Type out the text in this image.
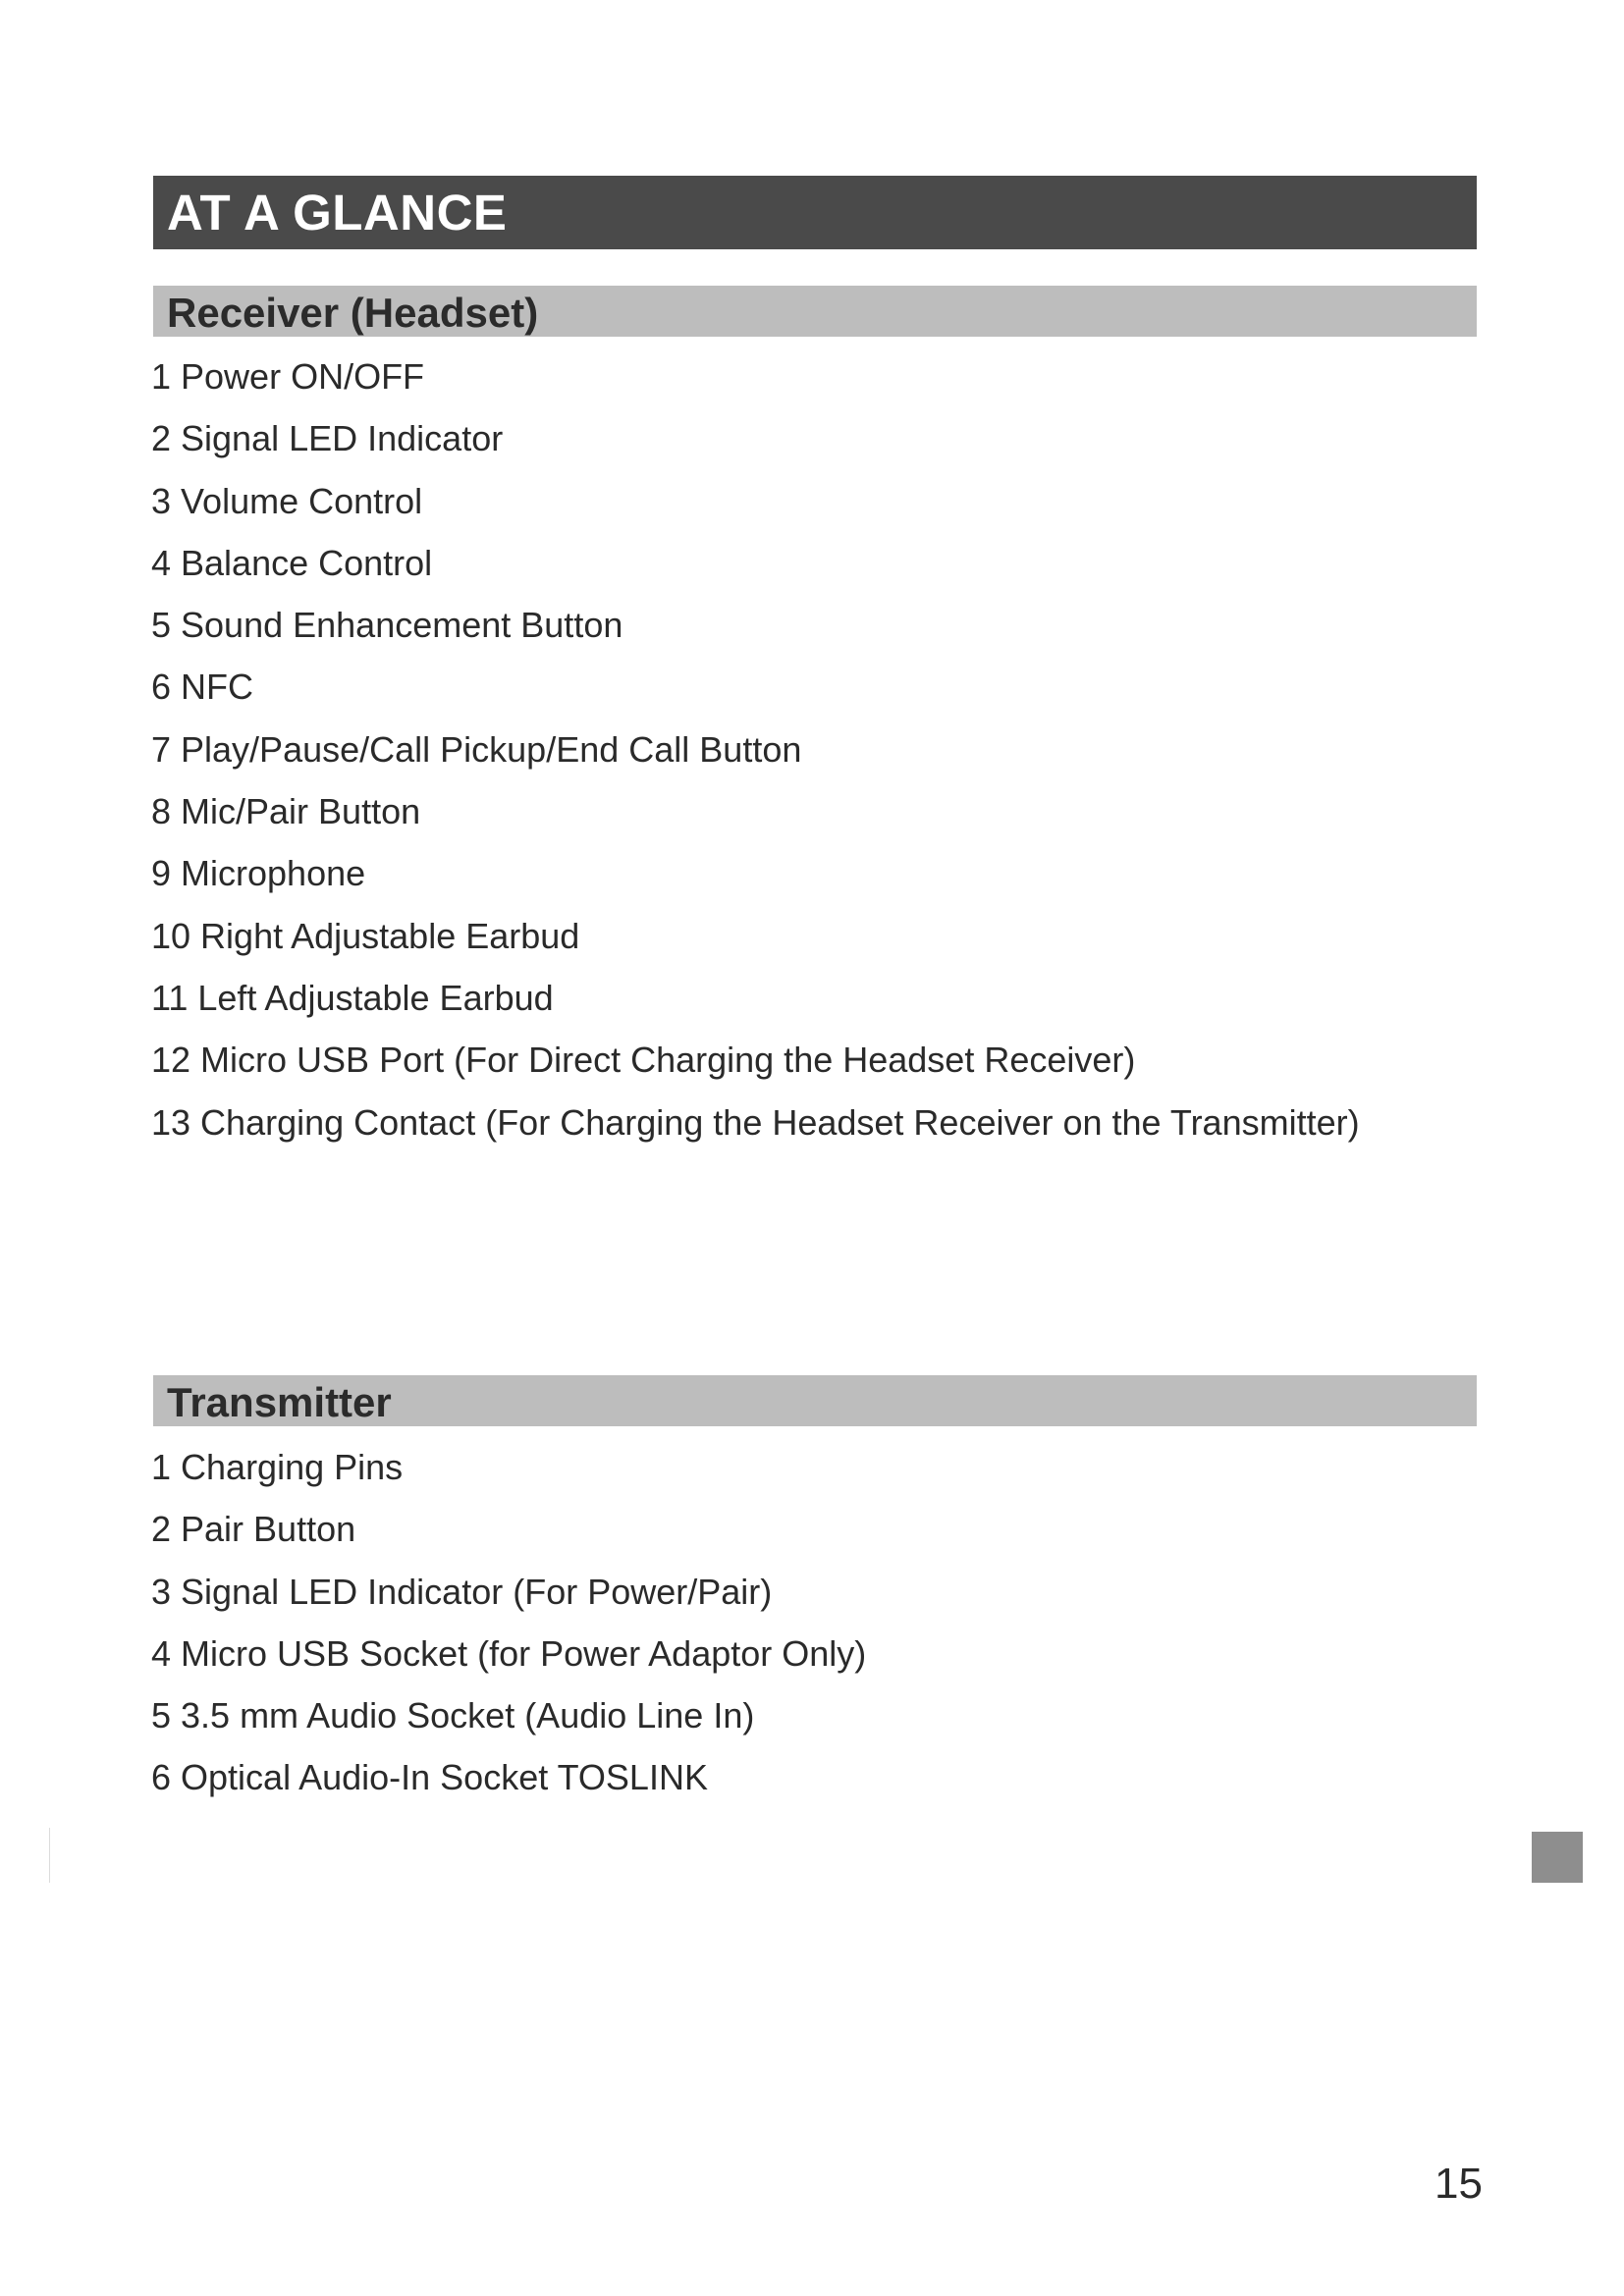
AT A GLANCE
Receiver (Headset)
1 Power ON/OFF
2 Signal LED Indicator
3 Volume Control
4 Balance Control
5 Sound Enhancement Button
6 NFC
7 Play/Pause/Call Pickup/End Call Button
8 Mic/Pair Button
9 Microphone
10 Right Adjustable Earbud
11 Left Adjustable Earbud
12 Micro USB Port (For Direct Charging the Headset Receiver)
13 Charging Contact (For Charging the Headset Receiver on the Transmitter)
Transmitter
1 Charging Pins
2 Pair Button
3 Signal LED Indicator (For Power/Pair)
4 Micro USB Socket (for Power Adaptor Only)
5 3.5 mm Audio Socket (Audio Line In)
6 Optical Audio-In Socket TOSLINK
15
